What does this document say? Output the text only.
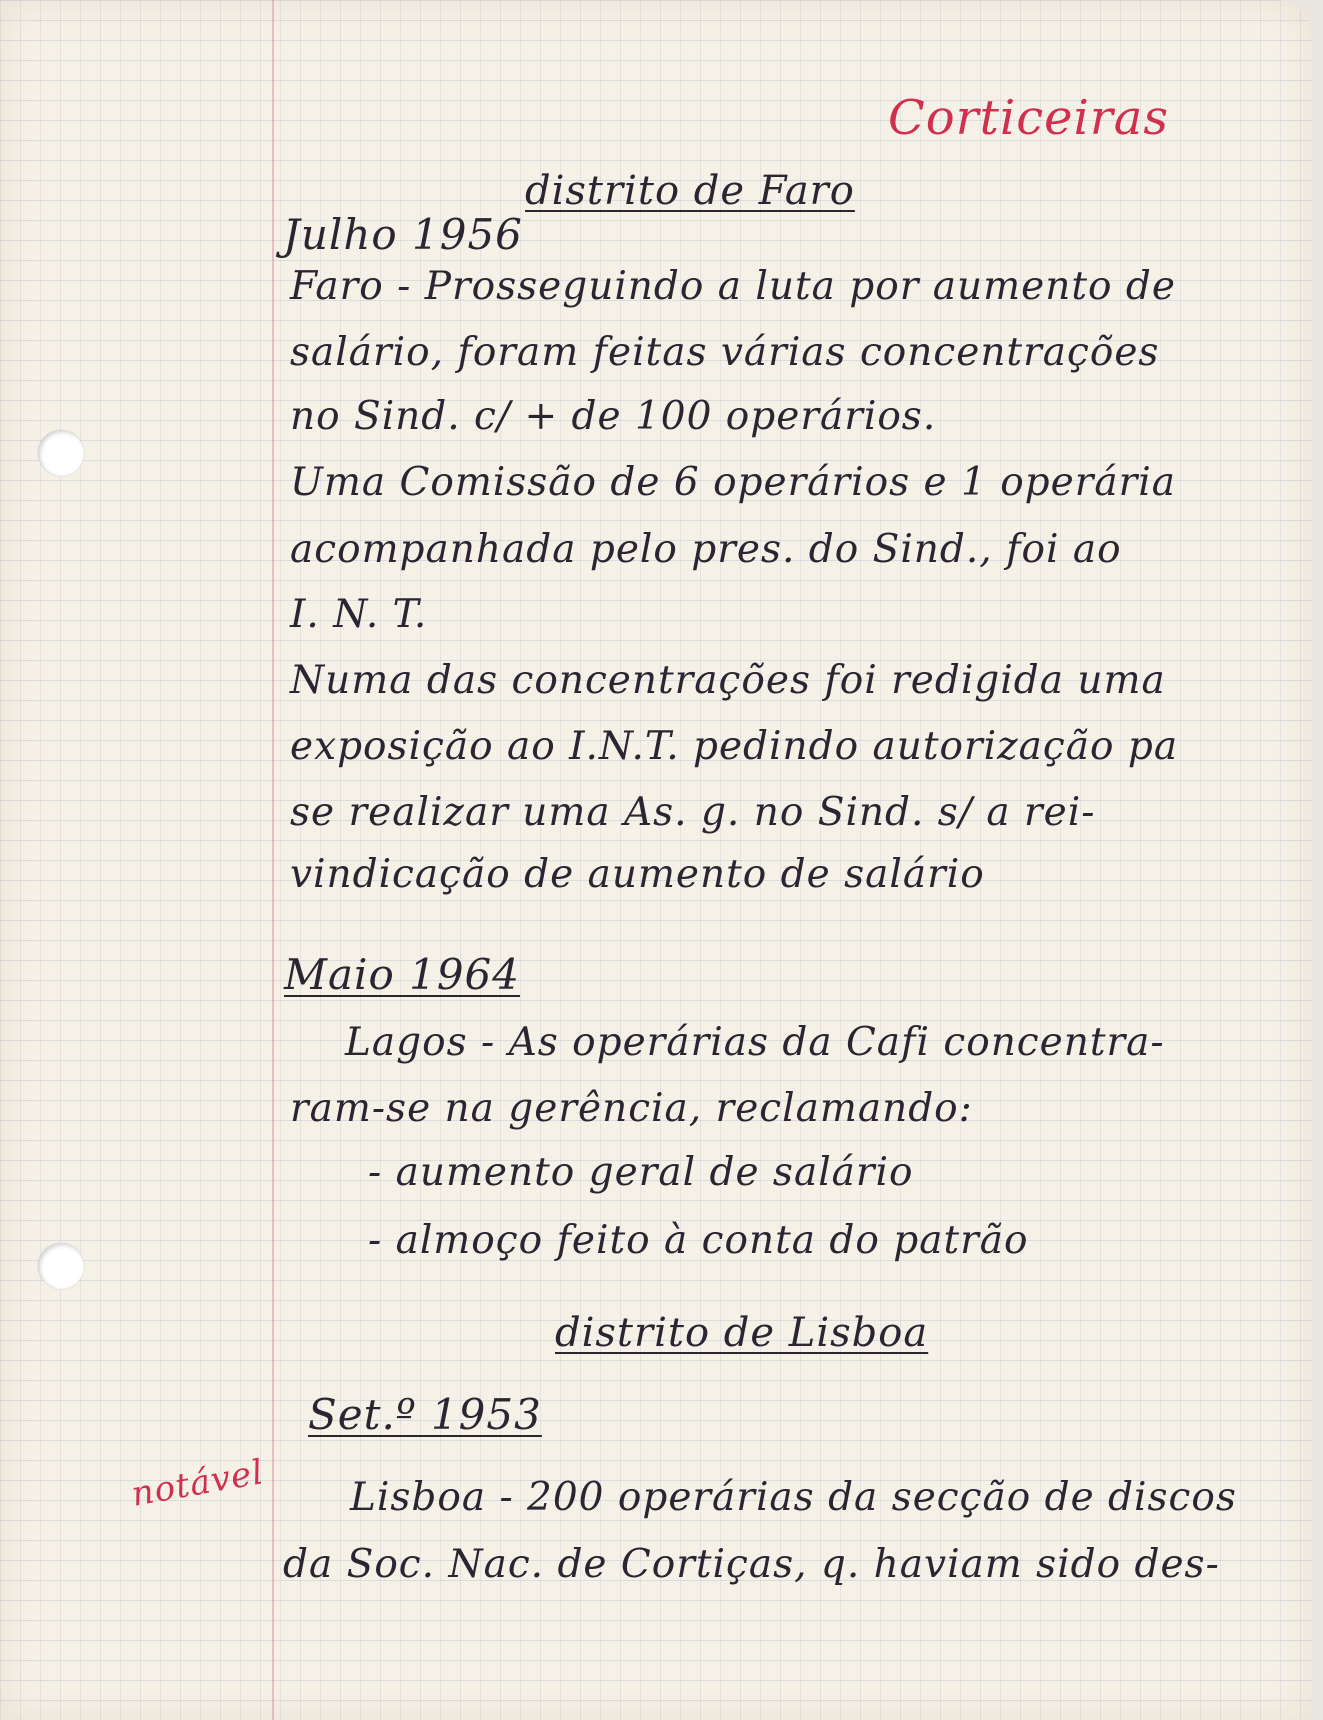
Corticeiras

distrito de Faro

Julho 1956

Faro - Prosseguindo a luta por aumento de

salário, foram feitas várias concentrações

no Sind. c/ + de 100 operários.

Uma Comissão de 6 operários e 1 operária

acompanhada pelo pres. do Sind., foi ao

I. N. T.

Numa das concentrações foi redigida uma

exposição ao I.N.T. pedindo autorização pa

se realizar uma As. g. no Sind. s/ a rei-

vindicação de aumento de salário

Maio 1964

Lagos - As operárias da Cafi concentra-

ram-se na gerência, reclamando:

- aumento geral de salário

- almoço feito à conta do patrão

distrito de Lisboa

Set.º 1953

notável Lisboa - 200 operárias da secção de discos

da Soc. Nac. de Cortiças, q. haviam sido des-
